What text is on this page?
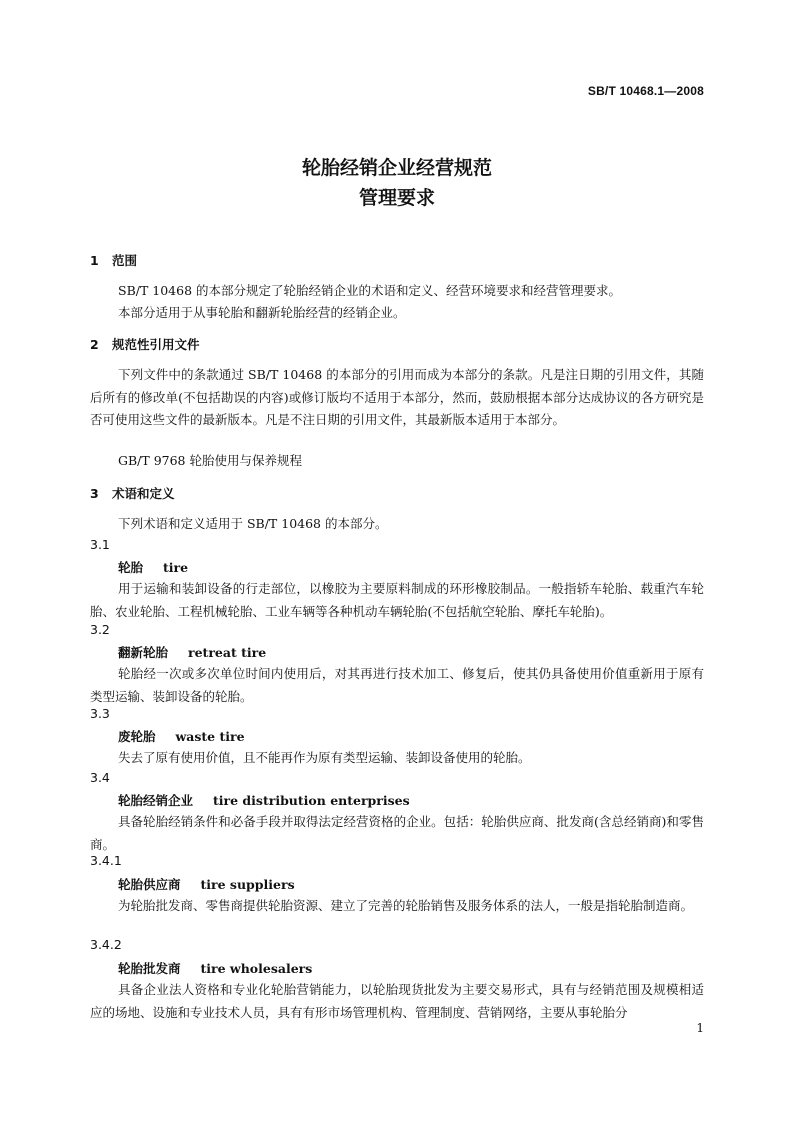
SB/T 10468.1—2008
轮胎经销企业经营规范
管理要求
1 范围

SB/T 10468 的本部分规定了轮胎经销企业的术语和定义、经营环境要求和经营管理要求。

本部分适用于从事轮胎和翻新轮胎经营的经销企业。

2 规范性引用文件

下列文件中的条款通过 SB/T 10468 的本部分的引用而成为本部分的条款。凡是注日期的引用文件，其随后所有的修改单(不包括勘误的内容)或修订版均不适用于本部分，然而，鼓励根据本部分达成协议的各方研究是否可使用这些文件的最新版本。凡是不注日期的引用文件，其最新版本适用于本部分。

GB/T 9768 轮胎使用与保养规程

3 术语和定义

下列术语和定义适用于 SB/T 10468 的本部分。

3.1
轮胎 tire

用于运输和装卸设备的行走部位，以橡胶为主要原料制成的环形橡胶制品。一般指轿车轮胎、载重汽车轮胎、农业轮胎、工程机械轮胎、工业车辆等各种机动车辆轮胎(不包括航空轮胎、摩托车轮胎)。

3.2
翻新轮胎 retreat tire

轮胎经一次或多次单位时间内使用后，对其再进行技术加工、修复后，使其仍具备使用价值重新用于原有类型运输、装卸设备的轮胎。

3.3
废轮胎 waste tire

失去了原有使用价值，且不能再作为原有类型运输、装卸设备使用的轮胎。

3.4
轮胎经销企业 tire distribution enterprises

具备轮胎经销条件和必备手段并取得法定经营资格的企业。包括：轮胎供应商、批发商(含总经销商)和零售商。

3.4.1
轮胎供应商 tire suppliers

为轮胎批发商、零售商提供轮胎资源、建立了完善的轮胎销售及服务体系的法人，一般是指轮胎制造商。

3.4.2
轮胎批发商 tire wholesalers

具备企业法人资格和专业化轮胎营销能力，以轮胎现货批发为主要交易形式，具有与经销范围及规模相适应的场地、设施和专业技术人员，具有有形市场管理机构、管理制度、营销网络，主要从事轮胎分

1
